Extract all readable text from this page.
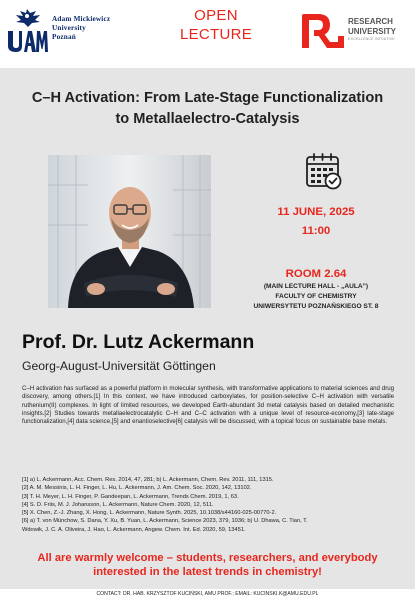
Adam Mickiewicz
University
Poznań
OPEN
LECTURE
RESEARCH
UNIVERSITY
EXCELLENCE INITIATIVE
C–H Activation: From Late-Stage Functionalization
to Metallaelectro-Catalysis
11 JUNE, 2025
11:00
ROOM 2.64
(MAIN LECTURE HALL - „AULA”)
FACULTY OF CHEMISTRY
UNIWERSYTETU POZNAŃSKIEGO ST. 8
Prof. Dr. Lutz Ackermann
Georg-August-Universität Göttingen
C–H activation has surfaced as a powerful platform in molecular synthesis, with transformative applications to material sciences and drug discovery, among others.[1] In this context, we have introduced carboxylates, for position-selective C–H activation with versatile ruthenium(II) complexes. In light of limited resources, we developed Earth-abundant 3d metal catalysis based on detailed mechanistic insights.[2] Studies towards metallaelectrocatalytic C–H and C–C activation with a unique level of resource-economy,[3] late-stage functionalization,[4] data science,[5] and enantioselective[6] catalysis will be discussed, with a topical focus on sustainable base metals.
[1] a) L. Ackermann, Acc. Chem. Res. 2014, 47, 281; b) L. Ackermann, Chem. Rev. 2011, 111, 1315.
[2] A. M. Messinis, L. H. Finger, L. Hu, L. Ackermann, J. Am. Chem. Soc. 2020, 142, 13102.
[3] T. H. Meyer, L. H. Finger, P. Gandeepan, L. Ackermann, Trends Chem. 2019, 1, 63.
[4] S. D. Friis, M. J. Johansson, L. Ackermann, Nature Chem. 2020, 12, 511.
[5] X. Chen, Z.-J. Zhang, X. Hong, L. Ackermann, Nature Synth. 2025, 10.1038/s44160-025-00770-2.
[6] a) T. von Münchow, S. Dana, Y. Xu, B. Yuan, L. Ackermann, Science 2023, 379, 1036; b) U. Dhawa, C. Tian, T.
Wdowik, J. C. A. Oliveira, J. Hao, L. Ackermann, Angew. Chem. Int. Ed. 2020, 59, 13451.
All are warmly welcome – students, researchers, and everybody
interested in the latest trends in chemistry!
CONTACT: DR. HAB. KRZYSZTOF KUCIŃSKI, AMU PROF.; EMAIL: KUCINSKI.K@AMU.EDU.PL
